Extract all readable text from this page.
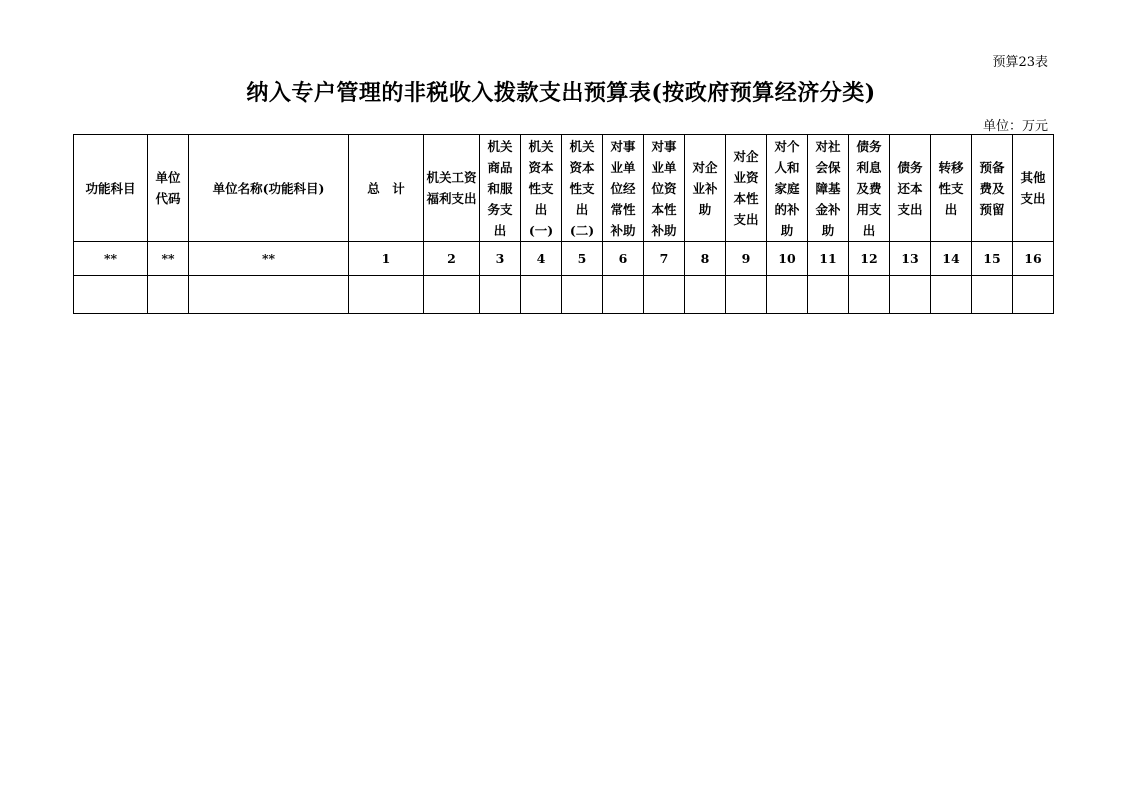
预算23表
纳入专户管理的非税收入拨款支出预算表(按政府预算经济分类)
单位：万元
功能科目	单位代码	单位名称(功能科目)	总　计	机关工资福利支出	机关商品和服务支出	机关资本性支出(一)	机关资本性支出(二)	对事业单位经常性补助	对事业单位资本性补助	对企业补助	对企业资本性支出	对个人和家庭的补助	对社会保障基金补助	债务利息及费用支出	债务还本支出	转移性支出	预备费及预留	其他支出
**	**	**	1	2	3	4	5	6	7	8	9	10	11	12	13	14	15	16
